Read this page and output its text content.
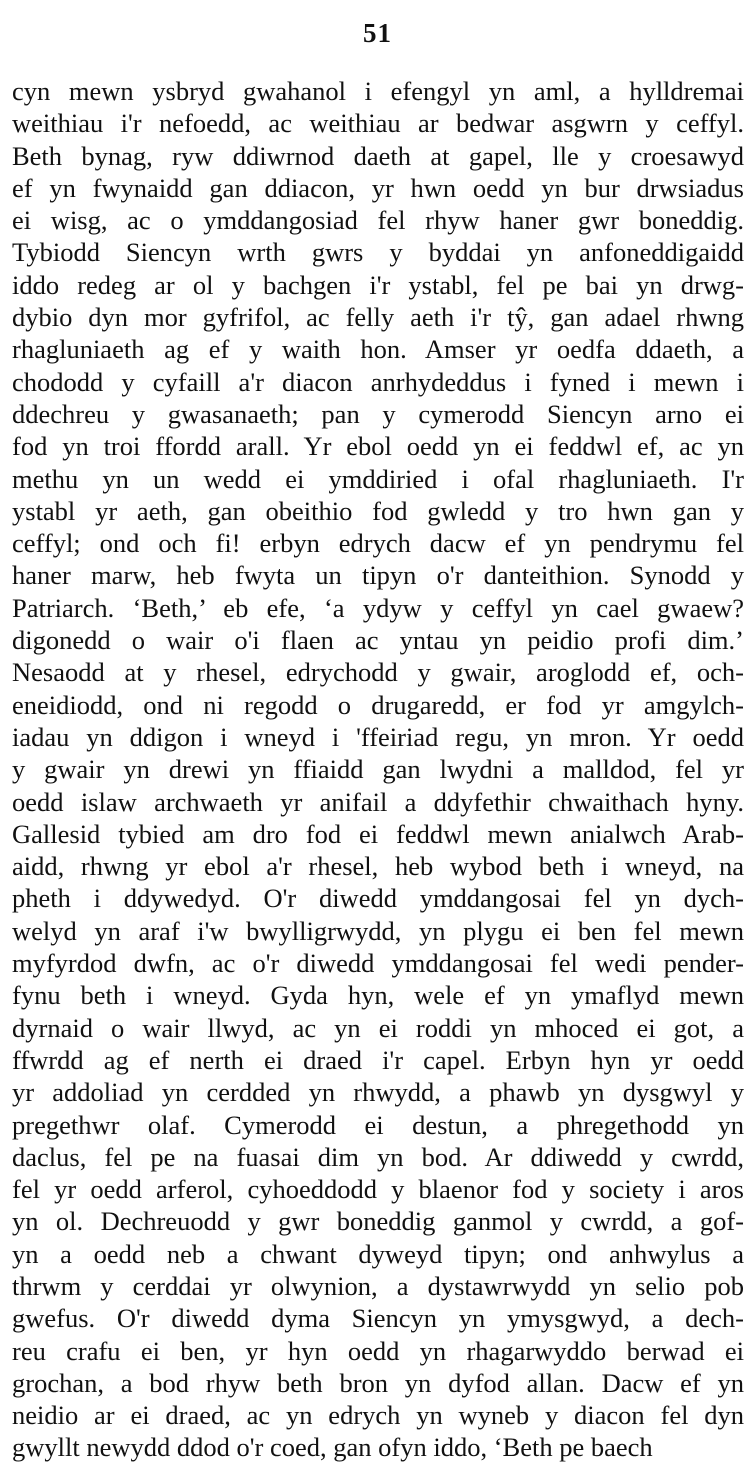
51
cyn mewn ysbryd gwahanol i efengyl yn aml, a hylldremai
weithiau i'r nefoedd, ac weithiau ar bedwar asgwrn y ceffyl.
Beth bynag, ryw ddiwrnod daeth at gapel, lle y croesawyd
ef yn fwynaidd gan ddiacon, yr hwn oedd yn bur drwsiadus
ei wisg, ac o ymddangosiad fel rhyw haner gwr boneddig.
Tybiodd Siencyn wrth gwrs y byddai yn anfoneddigaidd
iddo redeg ar ol y bachgen i'r ystabl, fel pe bai yn drwg-
dybio dyn mor gyfrifol, ac felly aeth i'r tŷ, gan adael rhwng
rhagluniaeth ag ef y waith hon. Amser yr oedfa ddaeth, a
chododd y cyfaill a'r diacon anrhydeddus i fyned i mewn i
ddechreu y gwasanaeth; pan y cymerodd Siencyn arno ei
fod yn troi ffordd arall. Yr ebol oedd yn ei feddwl ef, ac yn
methu yn un wedd ei ymddiried i ofal rhagluniaeth. I'r
ystabl yr aeth, gan obeithio fod gwledd y tro hwn gan y
ceffyl; ond och fi! erbyn edrych dacw ef yn pendrymu fel
haner marw, heb fwyta un tipyn o'r danteithion. Synodd y
Patriarch. ‘Beth,’ eb efe, ‘a ydyw y ceffyl yn cael gwaew?
digonedd o wair o'i flaen ac yntau yn peidio profi dim.’
Nesaodd at y rhesel, edrychodd y gwair, aroglodd ef, och-
eneidiodd, ond ni regodd o drugaredd, er fod yr amgylch-
iadau yn ddigon i wneyd i 'ffeiriad regu, yn mron. Yr oedd
y gwair yn drewi yn ffiaidd gan lwydni a malldod, fel yr
oedd islaw archwaeth yr anifail a ddyfethir chwaithach hyny.
Gallesid tybied am dro fod ei feddwl mewn anialwch Arab-
aidd, rhwng yr ebol a'r rhesel, heb wybod beth i wneyd, na
pheth i ddywedyd. O'r diwedd ymddangosai fel yn dych-
welyd yn araf i'w bwylligrwydd, yn plygu ei ben fel mewn
myfyrdod dwfn, ac o'r diwedd ymddangosai fel wedi pender-
fynu beth i wneyd. Gyda hyn, wele ef yn ymaflyd mewn
dyrnaid o wair llwyd, ac yn ei roddi yn mhoced ei got, a
ffwrdd ag ef nerth ei draed i'r capel. Erbyn hyn yr oedd
yr addoliad yn cerdded yn rhwydd, a phawb yn dysgwyl y
pregethwr olaf. Cymerodd ei destun, a phregethodd yn
daclus, fel pe na fuasai dim yn bod. Ar ddiwedd y cwrdd,
fel yr oedd arferol, cyhoeddodd y blaenor fod y society i aros
yn ol. Dechreuodd y gwr boneddig ganmol y cwrdd, a gof-
yn a oedd neb a chwant dyweyd tipyn; ond anhwylus a
thrwm y cerddai yr olwynion, a dystawrwydd yn selio pob
gwefus. O'r diwedd dyma Siencyn yn ymysgwyd, a dech-
reu crafu ei ben, yr hyn oedd yn rhagarwyddo berwad ei
grochan, a bod rhyw beth bron yn dyfod allan. Dacw ef yn
neidio ar ei draed, ac yn edrych yn wyneb y diacon fel dyn
gwyllt newydd ddod o'r coed, gan ofyn iddo, ‘Beth pe baech
